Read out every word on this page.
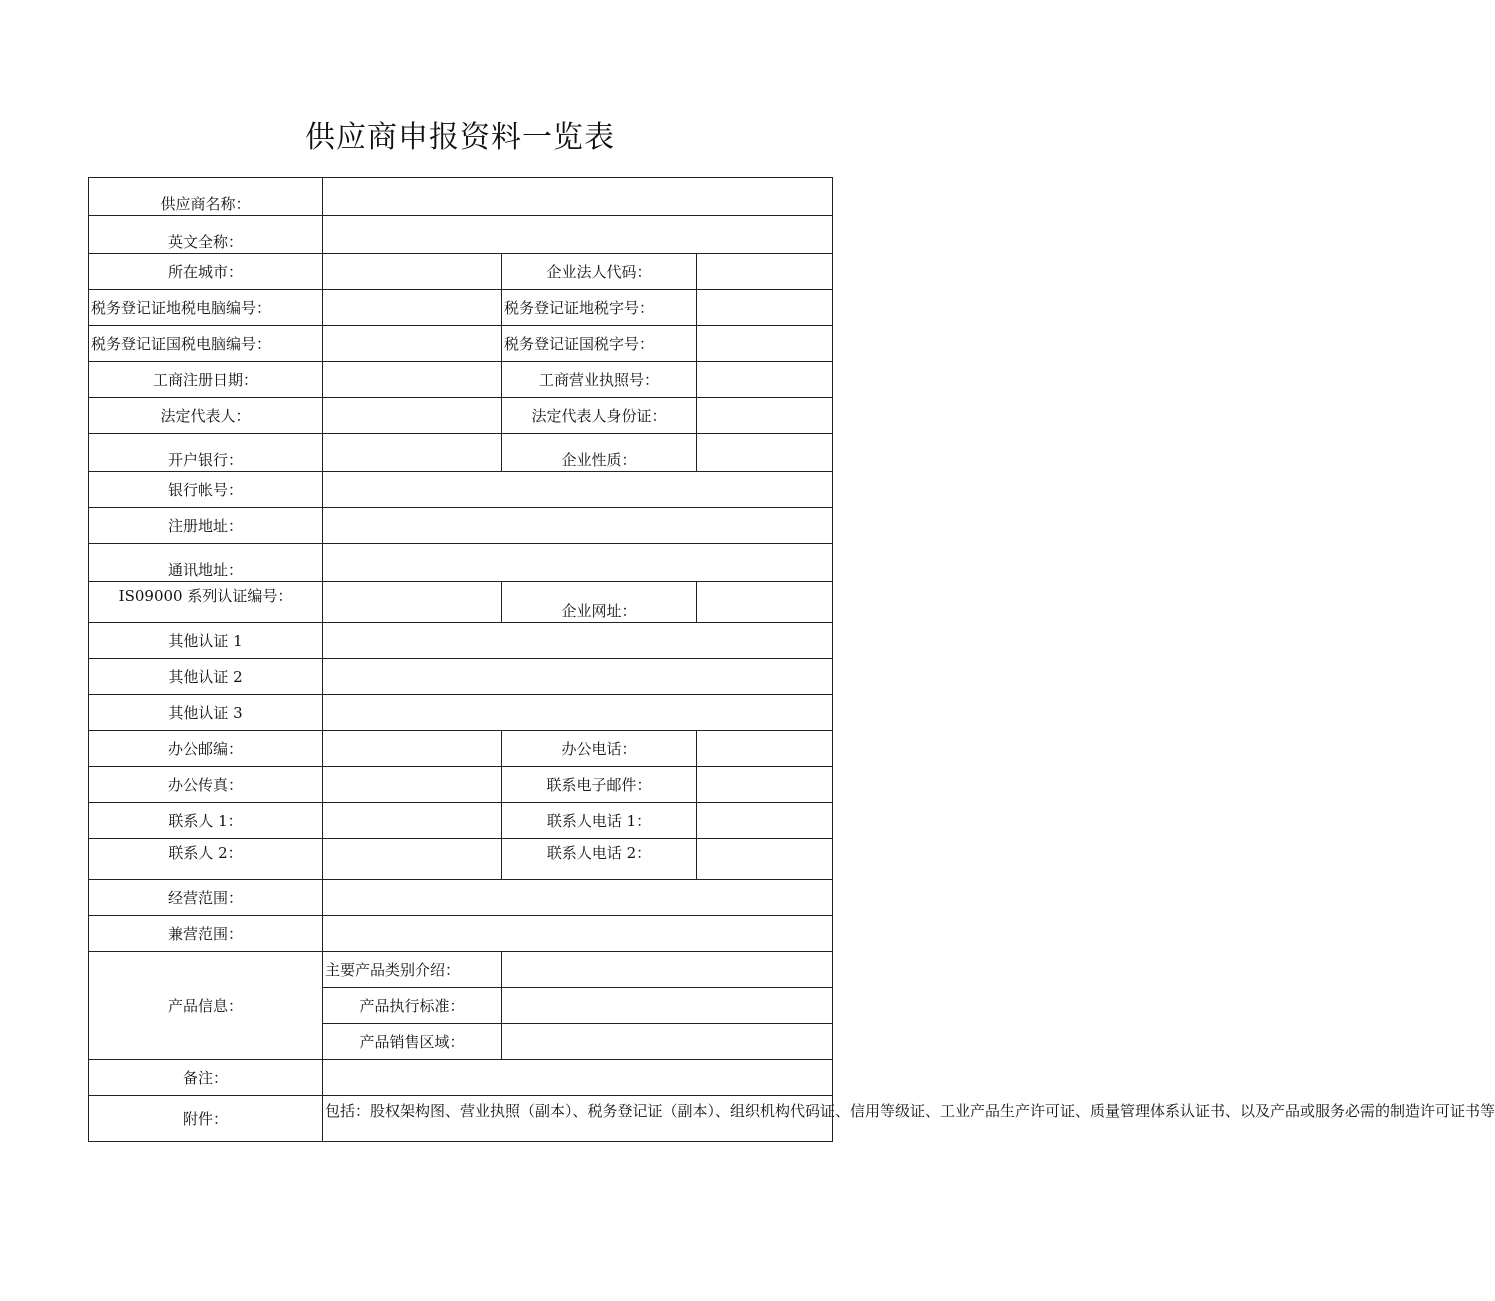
供应商申报资料一览表
供应商名称：			
英文全称：			
所在城市：		企业法人代码：	
税务登记证地税电脑编号：		税务登记证地税字号：	
税务登记证国税电脑编号：		税务登记证国税字号：	
工商注册日期：		工商营业执照号：	
法定代表人：		法定代表人身份证：	
开户银行：		企业性质：	
银行帐号：			
注册地址：			
通讯地址：			
IS09000 系列认证编号：		企业网址：	
其他认证 1			
其他认证 2			
其他认证 3			
办公邮编：		办公电话：	
办公传真：		联系电子邮件：	
联系人 1：		联系人电话 1：	
联系人 2：		联系人电话 2：	
经营范围：			
兼营范围：			
产品信息：	主要产品类别介绍：		
	产品执行标准：		
	产品销售区域：		
备注：			
附件：	包括：股权架构图、营业执照（副本）、税务登记证（副本）、组织机构代码证、信用等级证、工业产品生产许可证、质量管理体系认证书、以及产品或服务必需的制造许可证书等		
